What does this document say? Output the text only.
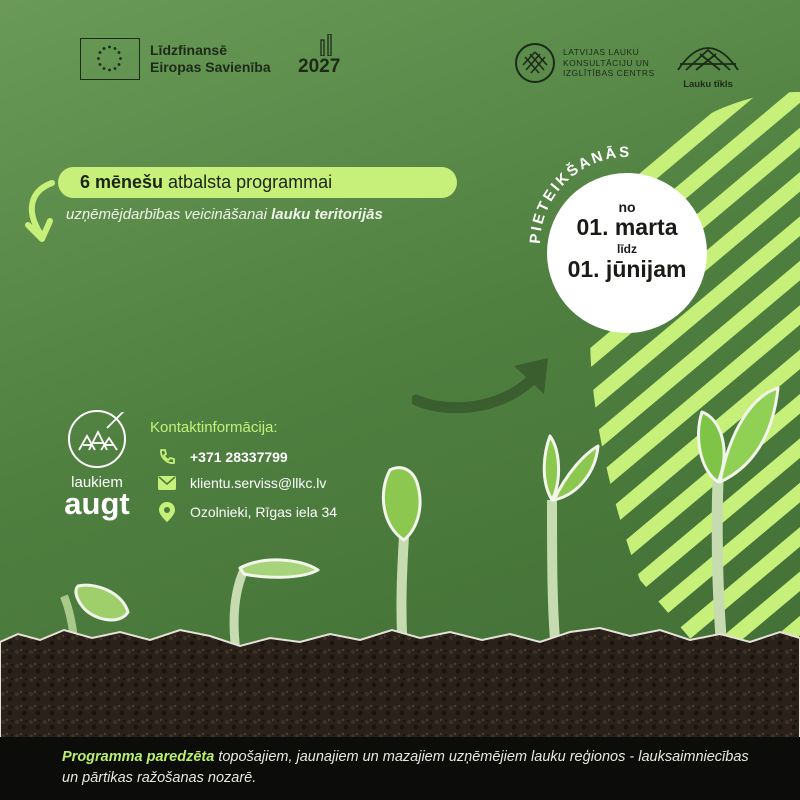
Līdzfinansē
Eiropas Savienība 2027
LATVIJAS LAUKU
KONSULTĀCIJU UN
IZGLĪTĪBAS CENTRS
Lauku tīkls
6 mēnešu atbalsta programmai
uzņēmējdarbības veicināšanai lauku teritorijās	no
01. marta
līdz
01. jūnijam
PIETEIKŠANĀS
laukiem
augt
Kontaktinformācija:
+371 28337799
klientu.serviss@llkc.lv
Ozolnieki, Rīgas iela 34

Programma paredzēta topošajiem, jaunajiem un mazajiem uzņēmējiem lauku reģionos - lauksaimniecības un pārtikas ražošanas nozarē.
